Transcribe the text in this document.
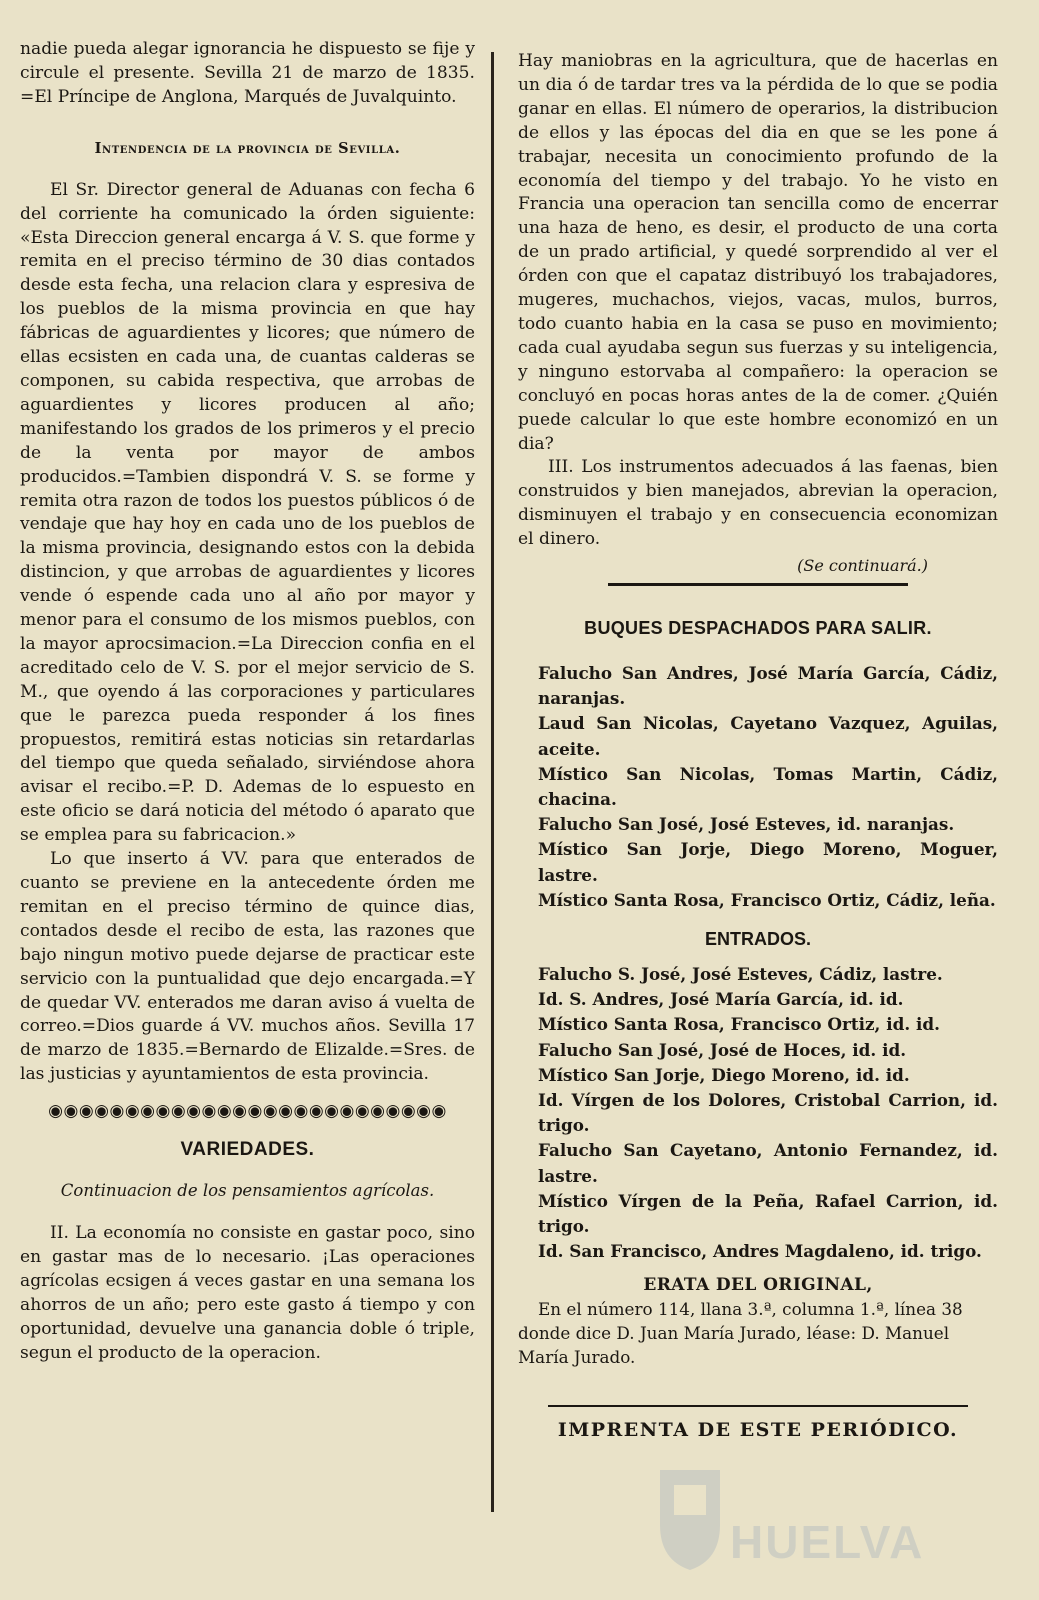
nadie pueda alegar ignorancia he dispuesto se fije y circule el presente. Sevilla 21 de marzo de 1835. =El Príncipe de Anglona, Marqués de Juvalquinto.

Intendencia de la provincia de Sevilla.

El Sr. Director general de Aduanas con fecha 6 del corriente ha comunicado la órden siguiente: «Esta Direccion general encarga á V. S. que forme y remita en el preciso término de 30 dias contados desde esta fecha, una relacion clara y espresiva de los pueblos de la misma provincia en que hay fábricas de aguardientes y licores; que número de ellas ecsisten en cada una, de cuantas calderas se componen, su cabida respectiva, que arrobas de aguardientes y licores producen al año; manifestando los grados de los primeros y el precio de la venta por mayor de ambos producidos.=Tambien dispondrá V. S. se forme y remita otra razon de todos los puestos públicos ó de vendaje que hay hoy en cada uno de los pueblos de la misma provincia, designando estos con la debida distincion, y que arrobas de aguardientes y licores vende ó espende cada uno al año por mayor y menor para el consumo de los mismos pueblos, con la mayor aprocsimacion.=La Direccion confia en el acreditado celo de V. S. por el mejor servicio de S. M., que oyendo á las corporaciones y particulares que le parezca pueda responder á los fines propuestos, remitirá estas noticias sin retardarlas del tiempo que queda señalado, sirviéndose ahora avisar el recibo.=P. D. Ademas de lo espuesto en este oficio se dará noticia del método ó aparato que se emplea para su fabricacion.»

Lo que inserto á VV. para que enterados de cuanto se previene en la antecedente órden me remitan en el preciso término de quince dias, contados desde el recibo de esta, las razones que bajo ningun motivo puede dejarse de practicar este servicio con la puntualidad que dejo encargada.=Y de quedar VV. enterados me daran aviso á vuelta de correo.=Dios guarde á VV. muchos años. Sevilla 17 de marzo de 1835.=Bernardo de Elizalde.=Sres. de las justicias y ayuntamientos de esta provincia.

◉◉◉◉◉◉◉◉◉◉◉◉◉◉◉◉◉◉◉◉◉◉◉◉◉◉
VARIEDADES.
Continuacion de los pensamientos agrícolas.

II. La economía no consiste en gastar poco, sino en gastar mas de lo necesario. ¡Las operaciones agrícolas ecsigen á veces gastar en una semana los ahorros de un año; pero este gasto á tiempo y con oportunidad, devuelve una ganancia doble ó triple, segun el producto de la operacion.

Hay maniobras en la agricultura, que de hacerlas en un dia ó de tardar tres va la pérdida de lo que se podia ganar en ellas. El número de operarios, la distribucion de ellos y las épocas del dia en que se les pone á trabajar, necesita un conocimiento profundo de la economía del tiempo y del trabajo. Yo he visto en Francia una operacion tan sencilla como de encerrar una haza de heno, es desir, el producto de una corta de un prado artificial, y quedé sorprendido al ver el órden con que el capataz distribuyó los trabajadores, mugeres, muchachos, viejos, vacas, mulos, burros, todo cuanto habia en la casa se puso en movimiento; cada cual ayudaba segun sus fuerzas y su inteligencia, y ninguno estorvaba al compañero: la operacion se concluyó en pocas horas antes de la de comer. ¿Quién puede calcular lo que este hombre economizó en un dia?

III. Los instrumentos adecuados á las faenas, bien construidos y bien manejados, abrevian la operacion, disminuyen el trabajo y en consecuencia economizan el dinero.

(Se continuará.)
BUQUES DESPACHADOS PARA SALIR.

Falucho San Andres, José María García, Cádiz, naranjas.

Laud San Nicolas, Cayetano Vazquez, Aguilas, aceite.

Místico San Nicolas, Tomas Martin, Cádiz, chacina.

Falucho San José, José Esteves, id. naranjas.

Místico San Jorje, Diego Moreno, Moguer, lastre.

Místico Santa Rosa, Francisco Ortiz, Cádiz, leña.

ENTRADOS.

Falucho S. José, José Esteves, Cádiz, lastre.

Id. S. Andres, José María García, id. id.

Místico Santa Rosa, Francisco Ortiz, id. id.

Falucho San José, José de Hoces, id. id.

Místico San Jorje, Diego Moreno, id. id.

Id. Vírgen de los Dolores, Cristobal Carrion, id. trigo.

Falucho San Cayetano, Antonio Fernandez, id. lastre.

Místico Vírgen de la Peña, Rafael Carrion, id. trigo.

Id. San Francisco, Andres Magdaleno, id. trigo.

ERATA DEL ORIGINAL,

En el número 114, llana 3.ª, columna 1.ª, línea 38 donde dice D. Juan María Jurado, léase: D. Manuel María Jurado.

IMPRENTA DE ESTE PERIÓDICO.
HUELVA
